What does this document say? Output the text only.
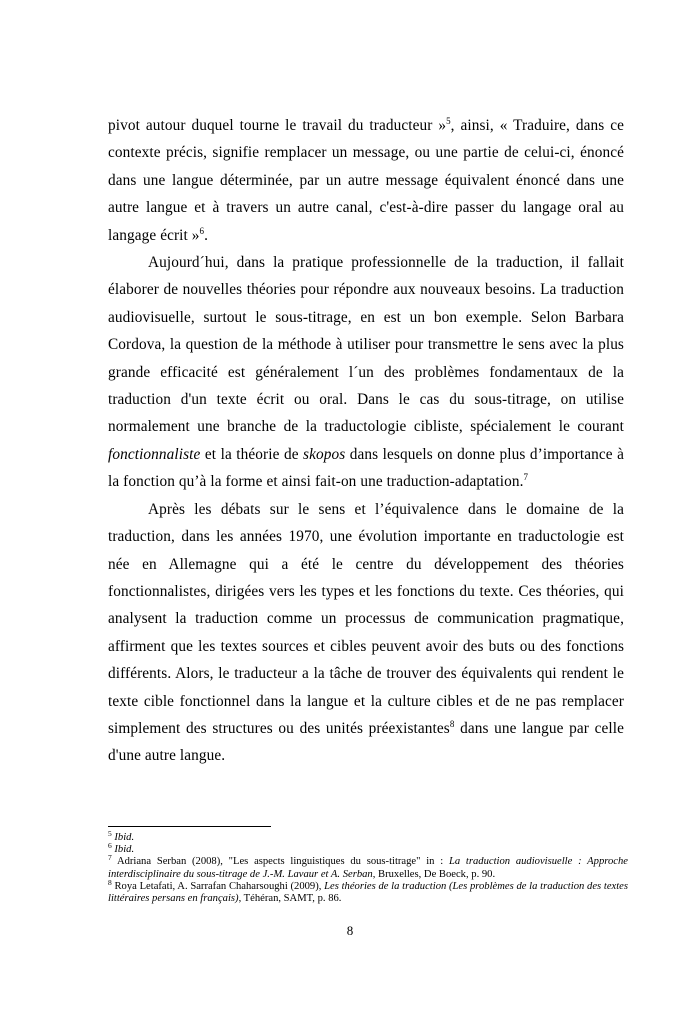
pivot autour duquel tourne le travail du traducteur »$^5$, ainsi, « Traduire, dans ce contexte précis, signifie remplacer un message, ou une partie de celui-ci, énoncé dans une langue déterminée, par un autre message équivalent énoncé dans une autre langue et à travers un autre canal, c'est-à-dire passer du langage oral au langage écrit »$^6$.

Aujourd´hui, dans la pratique professionnelle de la traduction, il fallait élaborer de nouvelles théories pour répondre aux nouveaux besoins. La traduction audiovisuelle, surtout le sous-titrage, en est un bon exemple. Selon Barbara Cordova, la question de la méthode à utiliser pour transmettre le sens avec la plus grande efficacité est généralement l´un des problèmes fondamentaux de la traduction d'un texte écrit ou oral. Dans le cas du sous-titrage, on utilise normalement une branche de la traductologie cibliste, spécialement le courant fonctionnaliste et la théorie de skopos dans lesquels on donne plus d’importance à la fonction qu’à la forme et ainsi fait-on une traduction-adaptation.$^7$

Après les débats sur le sens et l’équivalence dans le domaine de la traduction, dans les années 1970, une évolution importante en traductologie est née en Allemagne qui a été le centre du développement des théories fonctionnalistes, dirigées vers les types et les fonctions du texte. Ces théories, qui analysent la traduction comme un processus de communication pragmatique, affirment que les textes sources et cibles peuvent avoir des buts ou des fonctions différents. Alors, le traducteur a la tâche de trouver des équivalents qui rendent le texte cible fonctionnel dans la langue et la culture cibles et de ne pas remplacer simplement des structures ou des unités préexistantes$^8$ dans une langue par celle d'une autre langue.

$^5$ Ibid.

$^6$ Ibid.

$^7$ Adriana Serban (2008), "Les aspects linguistiques du sous-titrage" in : La traduction audiovisuelle : Approche interdisciplinaire du sous-titrage de J.-M. Lavaur et A. Serban, Bruxelles, De Boeck, p. 90.

$^8$ Roya Letafati, A. Sarrafan Chaharsoughi (2009), Les théories de la traduction (Les problèmes de la traduction des textes littéraires persans en français), Téhéran, SAMT, p. 86.

8
